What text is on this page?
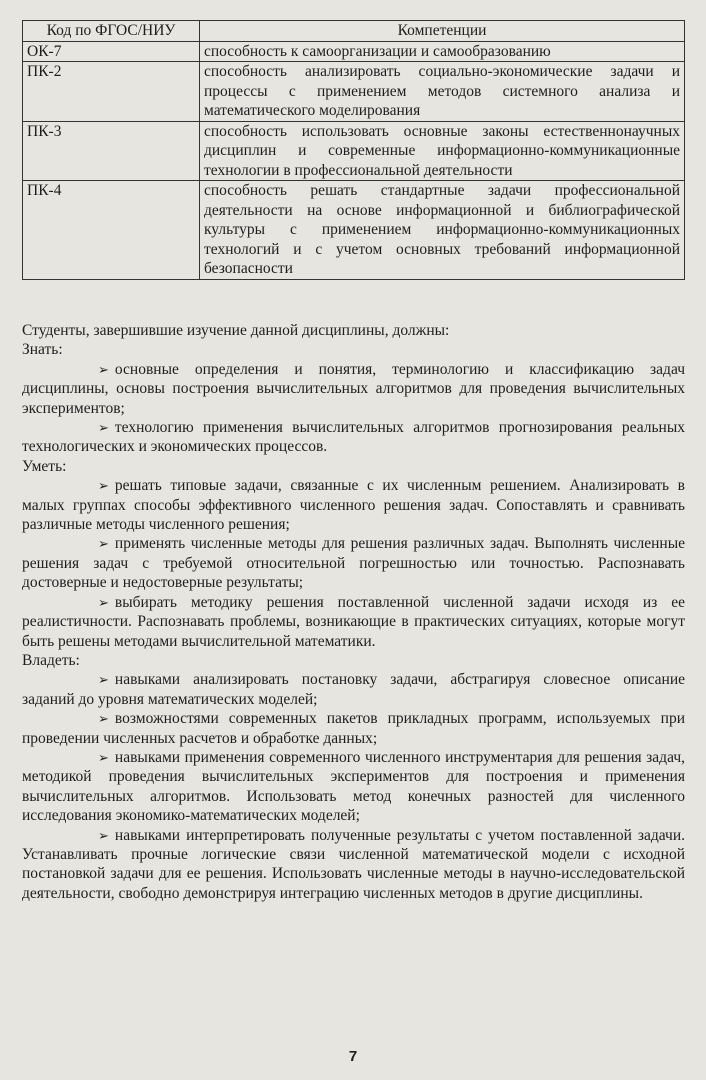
Код по ФГОС/НИУ	Компетенции
ОК-7	способность к самоорганизации и самообразованию
ПК-2	способность анализировать социально-экономические задачи и процессы с применением методов системного анализа и математического моделирования
ПК-3	способность использовать основные законы естественнонаучных дисциплин и современные информационно-коммуникационные технологии в профессиональной деятельности
ПК-4	способность решать стандартные задачи профессиональной деятельности на основе информационной и библиографической культуры с применением информационно-коммуникационных технологий и с учетом основных требований информационной безопасности

Студенты, завершившие изучение данной дисциплины, должны:

Знать:

➢ основные определения и понятия, терминологию и классификацию задач дисциплины, основы построения вычислительных алгоритмов для проведения вычислительных экспериментов;

➢ технологию применения вычислительных алгоритмов прогнозирования реальных технологических и экономических процессов.

Уметь:

➢ решать типовые задачи, связанные с их численным решением. Анализировать в малых группах способы эффективного численного решения задач. Сопоставлять и сравнивать различные методы численного решения;

➢ применять численные методы для решения различных задач. Выполнять численные решения задач с требуемой относительной погрешностью или точностью. Распознавать достоверные и недостоверные результаты;

➢ выбирать методику решения поставленной численной задачи исходя из ее реалистичности. Распознавать проблемы, возникающие в практических ситуациях, которые могут быть решены методами вычислительной математики.

Владеть:

➢ навыками анализировать постановку задачи, абстрагируя словесное описание заданий до уровня математических моделей;

➢ возможностями современных пакетов прикладных программ, используемых при проведении численных расчетов и обработке данных;

➢ навыками применения современного численного инструментария для решения задач, методикой проведения вычислительных экспериментов для построения и применения вычислительных алгоритмов. Использовать метод конечных разностей для численного исследования экономико-математических моделей;

➢ навыками интерпретировать полученные результаты с учетом поставленной задачи. Устанавливать прочные логические связи численной математической модели с исходной постановкой задачи для ее решения. Использовать численные методы в научно-исследовательской деятельности, свободно демонстрируя интеграцию численных методов в другие дисциплины.

7
